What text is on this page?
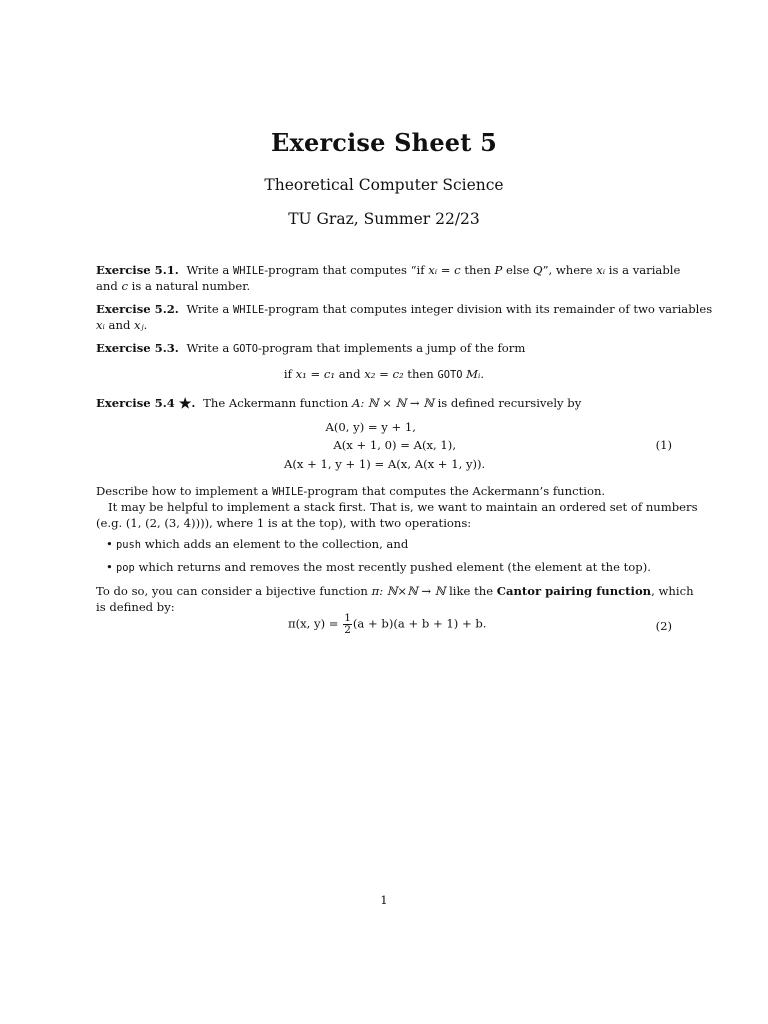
Exercise Sheet 5
Theoretical Computer Science
TU Graz, Summer 22/23
Exercise 5.1. Write a WHILE-program that computes “if xᵢ = c then P else Q”, where xᵢ is a variable
and c is a natural number.
Exercise 5.2. Write a WHILE-program that computes integer division with its remainder of two variables
xᵢ and xⱼ.
Exercise 5.3. Write a GOTO-program that implements a jump of the form
if x₁ = c₁ and x₂ = c₂ then GOTO Mᵢ.
Exercise 5.4 ★. The Ackermann function A: ℕ × ℕ → ℕ is defined recursively by
A(0, y) = y + 1,
A(x + 1, 0) = A(x, 1),
A(x + 1, y + 1) = A(x, A(x + 1, y)).
(1)
Describe how to implement a WHILE-program that computes the Ackermann’s function.
It may be helpful to implement a stack first. That is, we want to maintain an ordered set of numbers
(e.g. (1, (2, (3, 4)))), where 1 is at the top), with two operations:
• push which adds an element to the collection, and
• pop which returns and removes the most recently pushed element (the element at the top).
To do so, you can consider a bijective function π: ℕ×ℕ → ℕ like the Cantor pairing function, which
is defined by:
π(x, $y) = \frac{1}{2} (a + b)(a + b + 1) + b$.	(2)
1
